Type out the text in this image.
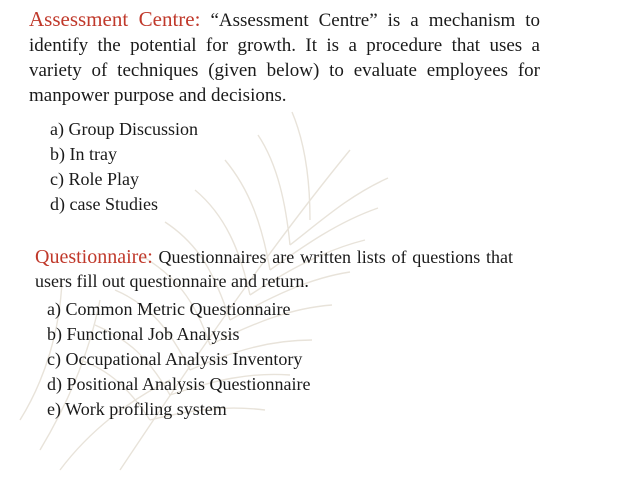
Assessment Centre: “Assessment Centre” is a mechanism to identify the potential for growth. It is a procedure that uses a variety of techniques (given below) to evaluate employees for manpower purpose and decisions.
a) Group Discussion
b) In tray
c) Role Play
d) case Studies
Questionnaire: Questionnaires are written lists of questions that users fill out questionnaire and return.
a) Common Metric Questionnaire
b) Functional Job Analysis
c) Occupational Analysis Inventory
d) Positional Analysis Questionnaire
e) Work profiling system
